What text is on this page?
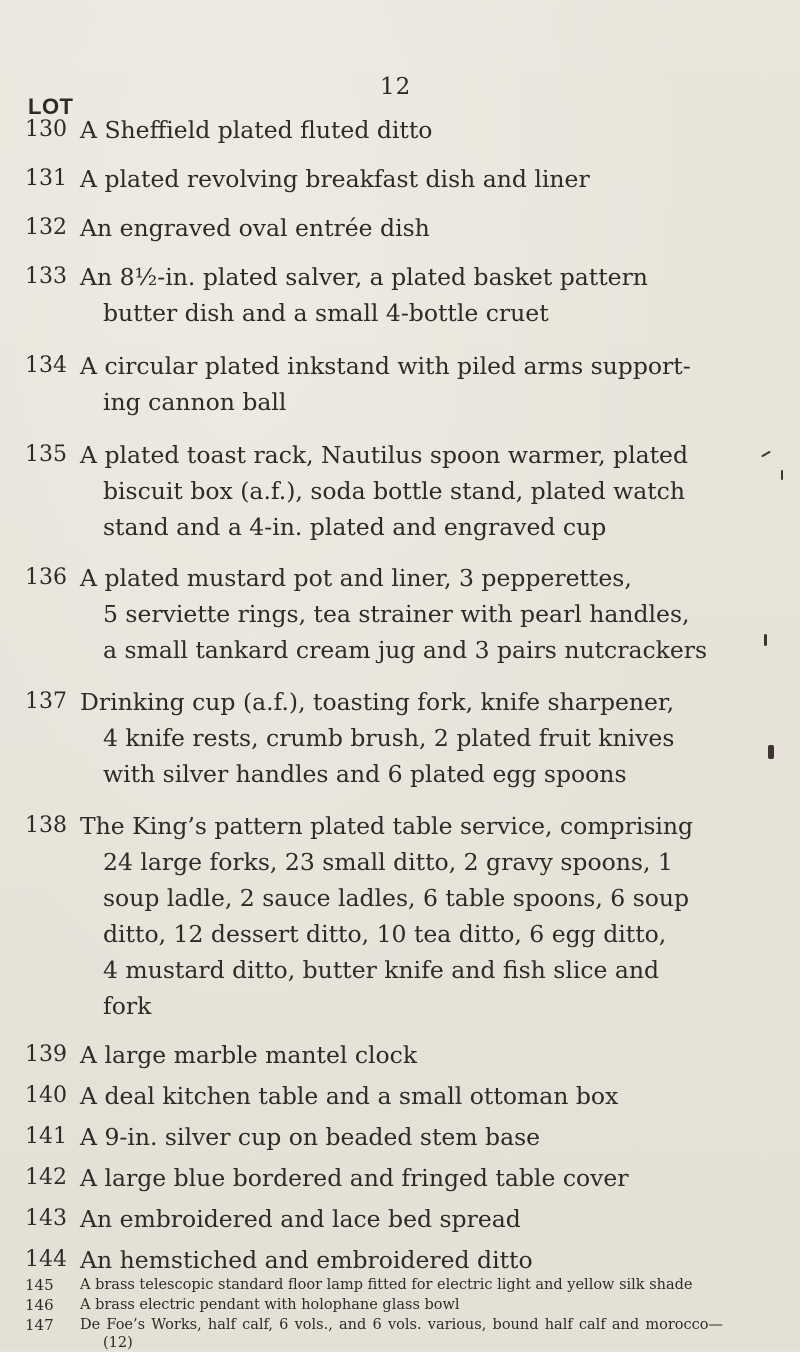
12
LOT
130 A Sheffield plated fluted ditto
131 A plated revolving breakfast dish and liner
132 An engraved oval entrée dish
133 An 8½-in. plated salver, a plated basket pattern
butter dish and a small 4-bottle cruet
134 A circular plated inkstand with piled arms support-
ing cannon ball
135 A plated toast rack, Nautilus spoon warmer, plated
biscuit box (a.f.), soda bottle stand, plated watch
stand and a 4-in. plated and engraved cup
136 A plated mustard pot and liner, 3 pepperettes,
5 serviette rings, tea strainer with pearl handles,
a small tankard cream jug and 3 pairs nutcrackers
137 Drinking cup (a.f.), toasting fork, knife sharpener,
4 knife rests, crumb brush, 2 plated fruit knives
with silver handles and 6 plated egg spoons
138 The King’s pattern plated table service, comprising
24 large forks, 23 small ditto, 2 gravy spoons, 1
soup ladle, 2 sauce ladles, 6 table spoons, 6 soup
ditto, 12 dessert ditto, 10 tea ditto, 6 egg ditto,
4 mustard ditto, butter knife and fish slice and
fork
139 A large marble mantel clock
140 A deal kitchen table and a small ottoman box
141 A 9-in. silver cup on beaded stem base
142 A large blue bordered and fringed table cover
143 An embroidered and lace bed spread
144 An hemstiched and embroidered ditto
145	A brass telescopic standard floor lamp fitted for electric light and yellow silk shade
146	A brass electric pendant with holophane glass bowl
147	De Foe’s Works, half calf, 6 vols., and 6 vols. various, bound half calf and morocco—(12)
